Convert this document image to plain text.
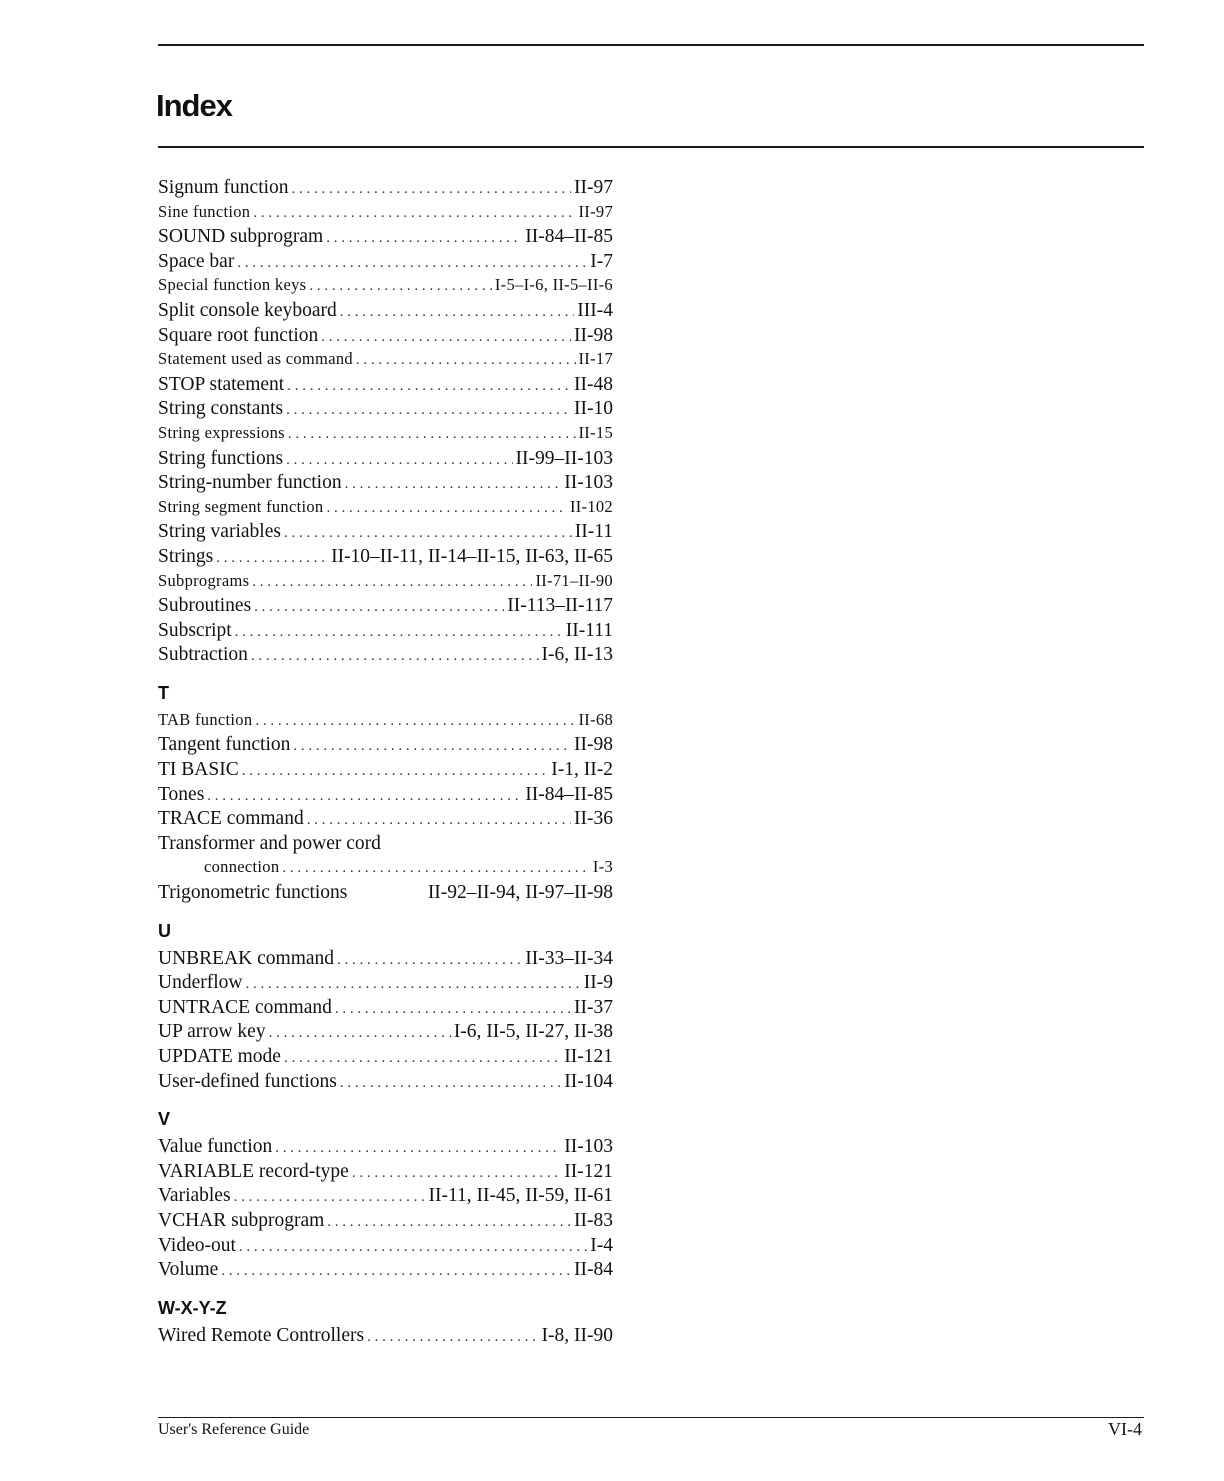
Index
Signum function . . .	II-97
Sine function . . .	II-97
SOUND subprogram . . .	II-84–II-85
Space bar . . .	I-7
Special function keys . . .	I-5–I-6, II-5–II-6
Split console keyboard . . .	III-4
Square root function . . .	II-98
Statement used as command . . .	II-17
STOP statement . . .	II-48
String constants . . .	II-10
String expressions . . .	II-15
String functions . . .	II-99–II-103
String-number function . . .	II-103
String segment function . . .	II-102
String variables . . .	II-11
Strings . . .	II-10–II-11, II-14–II-15, II-63, II-65
Subprograms . . .	II-71–II-90
Subroutines . . .	II-113–II-117
Subscript . . .	II-111
Subtraction . . .	I-6, II-13
T
TAB function . . .	II-68
Tangent function . . .	II-98
TI BASIC . . .	I-1, II-2
Tones . . .	II-84–II-85
TRACE command . . .	II-36
Transformer and power cord
connection . . .	I-3
Trigonometric functions	II-92–II-94, II-97–II-98
U
UNBREAK command . . .	II-33–II-34
Underflow . . .	II-9
UNTRACE command . . .	II-37
UP arrow key . . .	I-6, II-5, II-27, II-38
UPDATE mode . . .	II-121
User-defined functions . . .	II-104
V
Value function . . .	II-103
VARIABLE record-type . . .	II-121
Variables . . .	II-11, II-45, II-59, II-61
VCHAR subprogram . . .	II-83
Video-out . . .	I-4
Volume . . .	II-84
W-X-Y-Z
Wired Remote Controllers . . .	I-8, II-90
User's Reference Guide	VI-4
